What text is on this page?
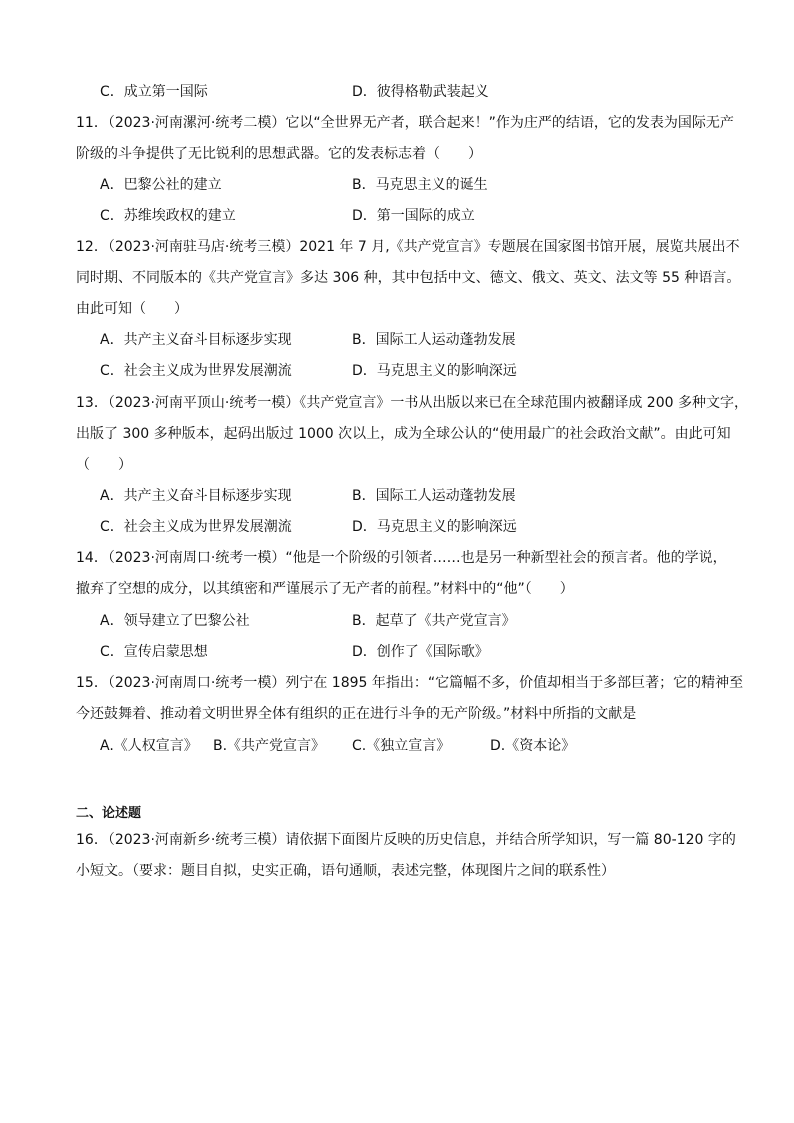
C．成立第一国际	D．彼得格勒武装起义
11．（2023·河南漯河·统考二模）它以“全世界无产者，联合起来！”作为庄严的结语，它的发表为国际无产
阶级的斗争提供了无比锐利的思想武器。它的发表标志着（　　）
A．巴黎公社的建立	B．马克思主义的诞生
C．苏维埃政权的建立	D．第一国际的成立
12．（2023·河南驻马店·统考三模）2021 年 7 月,《共产党宣言》专题展在国家图书馆开展，展览共展出不
同时期、不同版本的《共产党宣言》多达 306 种，其中包括中文、德文、俄文、英文、法文等 55 种语言。
由此可知（　　）
A．共产主义奋斗目标逐步实现	B．国际工人运动蓬勃发展
C．社会主义成为世界发展潮流	D．马克思主义的影响深远
13．（2023·河南平顶山·统考一模）《共产党宣言》一书从出版以来已在全球范围内被翻译成 200 多种文字，
出版了 300 多种版本，起码出版过 1000 次以上，成为全球公认的“使用最广的社会政治文献”。由此可知
（　　）
A．共产主义奋斗目标逐步实现	B．国际工人运动蓬勃发展
C．社会主义成为世界发展潮流	D．马克思主义的影响深远
14．（2023·河南周口·统考一模）“他是一个阶级的引领者……也是另一种新型社会的预言者。他的学说，
撤弃了空想的成分，以其缜密和严谨展示了无产者的前程。”材料中的“他”（　　）
A．领导建立了巴黎公社	B．起草了《共产党宣言》
C．宣传启蒙思想	D．创作了《国际歌》
15．（2023·河南周口·统考一模）列宁在 1895 年指出：“它篇幅不多，价值却相当于多部巨著；它的精神至
今还鼓舞着、推动着文明世界全体有组织的正在进行斗争的无产阶级。”材料中所指的文献是
A.《人权宣言》 B.《共产党宣言》 C.《独立宣言》	D.《资本论》
二、论述题
16．（2023·河南新乡·统考三模）请依据下面图片反映的历史信息，并结合所学知识，写一篇 80-120 字的
小短文。（要求：题目自拟，史实正确，语句通顺，表述完整，体现图片之间的联系性）
